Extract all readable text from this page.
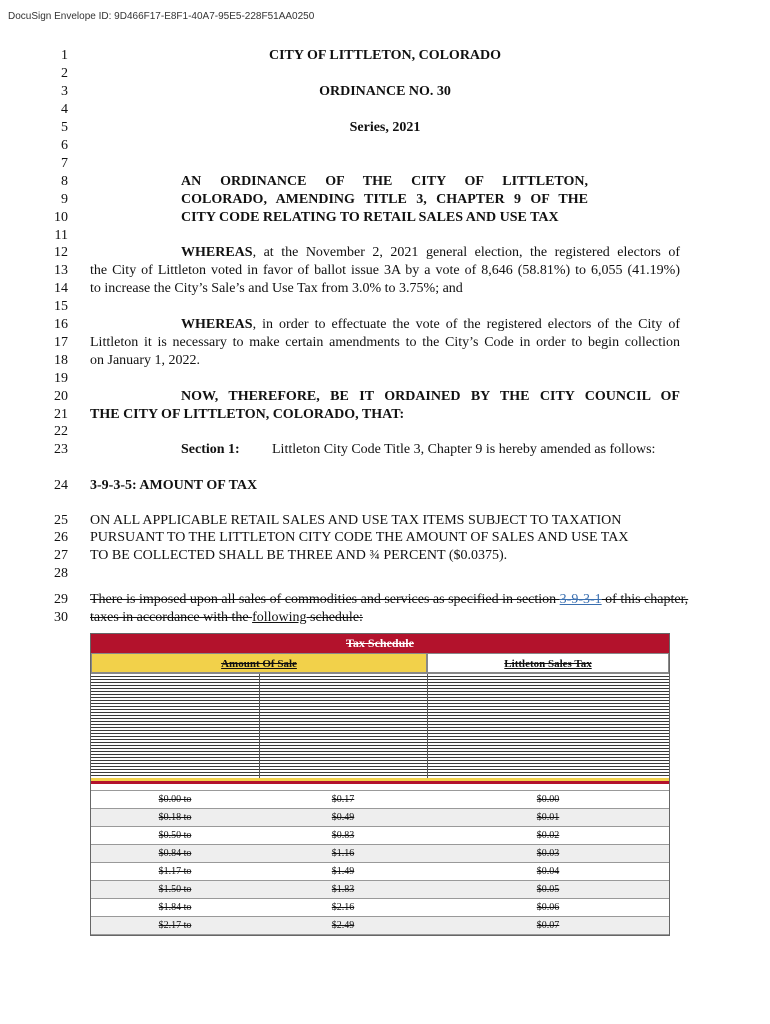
DocuSign Envelope ID: 9D466F17-E8F1-40A7-95E5-228F51AA0250
1
2
3
4
5
6
7
8
9
10
11
12
13
14
15
16
17
18
19
20
21
22
23
24
25
26
27
28
29
30
CITY OF LITTLETON, COLORADO
ORDINANCE NO. 30
Series, 2021
AN ORDINANCE OF THE CITY OF LITTLETON,
COLORADO, AMENDING TITLE 3, CHAPTER 9 OF THE
CITY CODE RELATING TO RETAIL SALES AND USE TAX
WHEREAS, at the November 2, 2021 general election, the registered electors of
the City of Littleton voted in favor of ballot issue 3A by a vote of 8,646 (58.81%) to 6,055 (41.19%)
to increase the City’s Sale’s and Use Tax from 3.0% to 3.75%; and
WHEREAS, in order to effectuate the vote of the registered electors of the City of
Littleton it is necessary to make certain amendments to the City’s Code in order to begin collection
on January 1, 2022.
NOW, THEREFORE, BE IT ORDAINED BY THE CITY COUNCIL OF
THE CITY OF LITTLETON, COLORADO, THAT:
Section 1: Littleton City Code Title 3, Chapter 9 is hereby amended as follows:
3-9-3-5: AMOUNT OF TAX
ON ALL APPLICABLE RETAIL SALES AND USE TAX ITEMS SUBJECT TO TAXATION
PURSUANT TO THE LITTLETON CITY CODE THE AMOUNT OF SALES AND USE TAX
TO BE COLLECTED SHALL BE THREE AND ¾ PERCENT ($0.0375).
There is imposed upon all sales of commodities and services as specified in section 3-9-3-1 of this chapter,
taxes in accordance with the following schedule:
Tax Schedule
Amount Of Sale	Littleton Sales Tax
$0.00 to	$0.17	$0.00
$0.18 to	$0.49	$0.01
$0.50 to	$0.83	$0.02
$0.84 to	$1.16	$0.03
$1.17 to	$1.49	$0.04
$1.50 to	$1.83	$0.05
$1.84 to	$2.16	$0.06
$2.17 to	$2.49	$0.07
